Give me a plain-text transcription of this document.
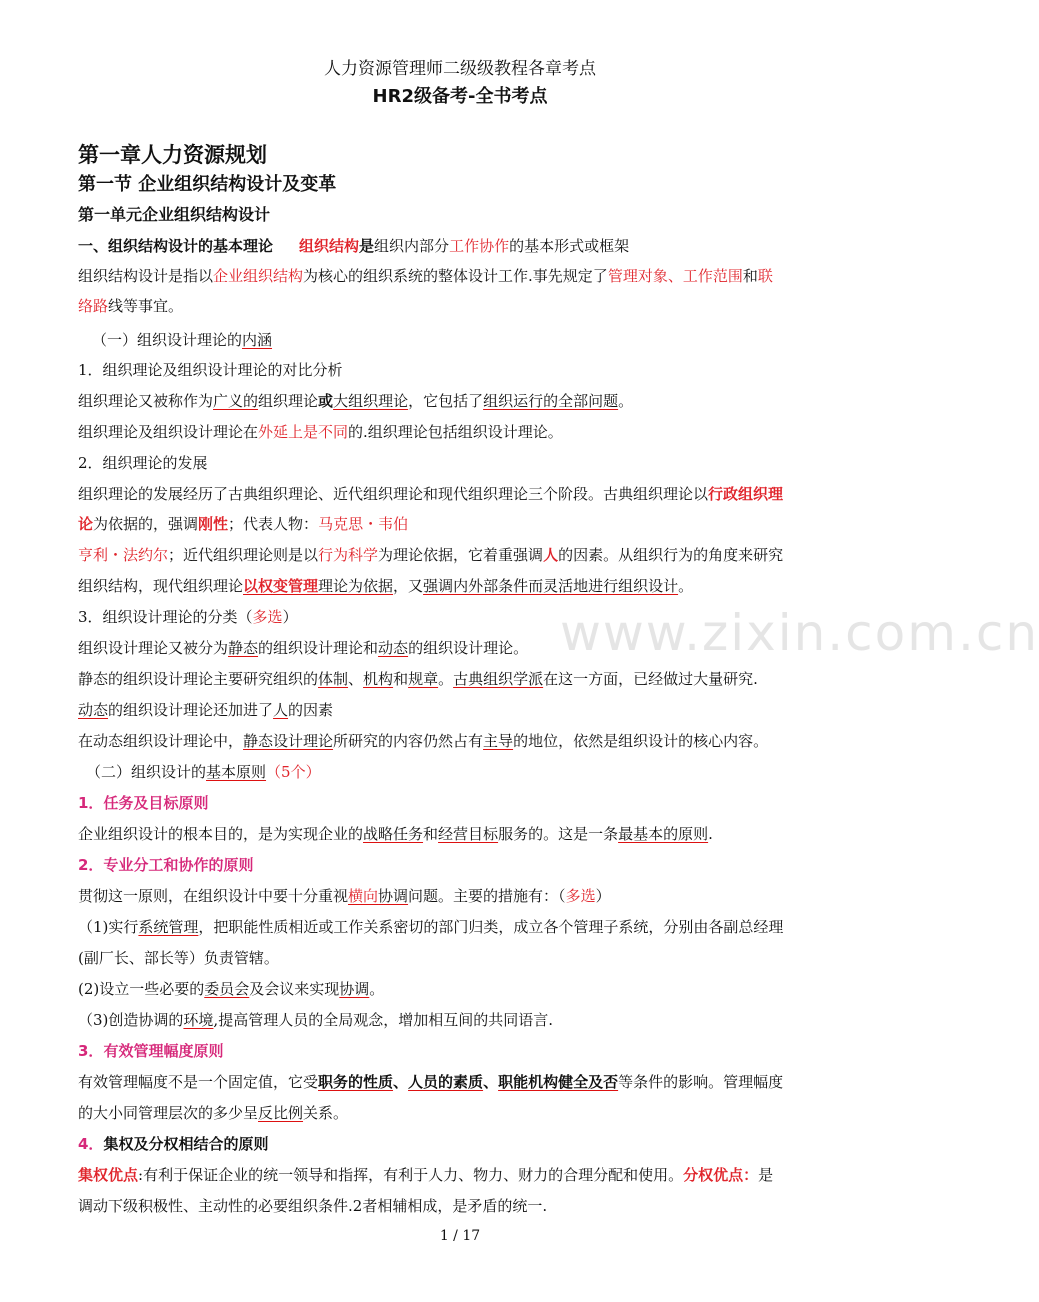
人力资源管理师二级级教程各章考点
HR2级备考-全书考点
第一章人力资源规划
第一节 企业组织结构设计及变革
第一单元企业组织结构设计
一、组织结构设计的基本理论 组织结构是组织内部分工作协作的基本形式或框架
组织结构设计是指以企业组织结构为核心的组织系统的整体设计工作.事先规定了管理对象、工作范围和联
络路线等事宜。
（一）组织设计理论的内涵
1．组织理论及组织设计理论的对比分析
组织理论又被称作为广义的组织理论或大组织理论，它包括了组织运行的全部问题。
组织理论及组织设计理论在外延上是不同的.组织理论包括组织设计理论。
2．组织理论的发展
组织理论的发展经历了古典组织理论、近代组织理论和现代组织理论三个阶段。古典组织理论以行政组织理
论为依据的，强调刚性；代表人物：马克思・韦伯
亨利・法约尔；近代组织理论则是以行为科学为理论依据，它着重强调人的因素。从组织行为的角度来研究
组织结构，现代组织理论以权变管理理论为依据，又强调内外部条件而灵活地进行组织设计。
3．组织设计理论的分类（多选）	www.zixin.com.cn
组织设计理论又被分为静态的组织设计理论和动态的组织设计理论。
静态的组织设计理论主要研究组织的体制、机构和规章。古典组织学派在这一方面，已经做过大量研究.
动态的组织设计理论还加进了人的因素
在动态组织设计理论中，静态设计理论所研究的内容仍然占有主导的地位，依然是组织设计的核心内容。
（二）组织设计的基本原则（5个）
1．任务及目标原则
企业组织设计的根本目的，是为实现企业的战略任务和经营目标服务的。这是一条最基本的原则.
2．专业分工和协作的原则
贯彻这一原则，在组织设计中要十分重视横向协调问题。主要的措施有：（多选）
（1)实行系统管理，把职能性质相近或工作关系密切的部门归类，成立各个管理子系统，分别由各副总经理
(副厂长、部长等）负责管辖。
(2)设立一些必要的委员会及会议来实现协调。
（3)创造协调的环境,提高管理人员的全局观念，增加相互间的共同语言.
3．有效管理幅度原则
有效管理幅度不是一个固定值，它受职务的性质、人员的素质、职能机构健全及否等条件的影响。管理幅度
的大小同管理层次的多少呈反比例关系。
4．集权及分权相结合的原则
集权优点:有利于保证企业的统一领导和指挥，有利于人力、物力、财力的合理分配和使用。分权优点：是
调动下级积极性、主动性的必要组织条件.2者相辅相成，是矛盾的统一.
1 / 17
